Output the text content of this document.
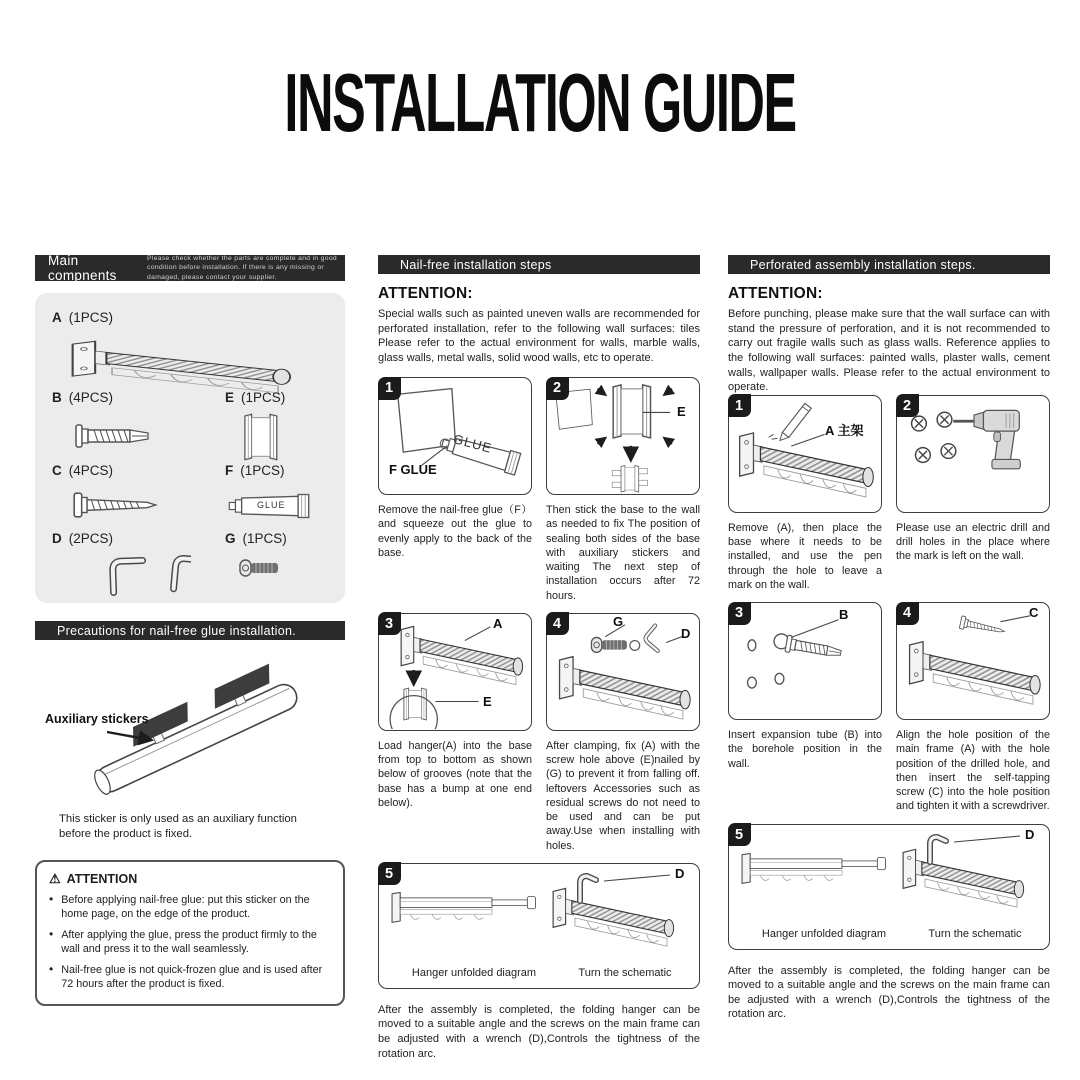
INSTALLATION GUIDE
Main compnents
Please check whether the parts are complete and in good condition before installation. If there is any missing or damaged, please contact your supplier.
A (1PCS)
B (4PCS)	E (1PCS)
C (4PCS)	F (1PCS)
GLUE
D (2PCS)	G (1PCS)
Precautions for nail-free glue installation.
Auxiliary stickers

This sticker is only used as an auxiliary function before the product is fixed.

⚠ ATTENTION
• Before applying nail-free glue: put this sticker on the home page, on the edge of the product.
• After applying the glue, press the product firmly to the wall and press it to the wall seamlessly.
• Nail-free glue is not quick-frozen glue and is used after 72 hours after the product is fixed.
Nail-free installation steps
ATTENTION:

Special walls such as painted uneven walls are recommended for perforated installation, refer to the following wall surfaces: tiles Please refer to the actual environment for walls, marble walls, glass walls, metal walls, solid wood walls, etc to operate.

1
GLUE
F GLUE

Remove the nail-free glue（F）and squeeze out the glue to evenly apply to the back of the base.

2
E

Then stick the base to the wall as needed to fix The position of sealing both sides of the base with auxiliary stickers and waiting The next step of installation occurs after 72 hours.

3	A
E

Load hanger(A) into the base from top to bottom as shown below of grooves (note that the base has a bump at one end below).

4	G
D

After clamping, fix (A) with the screw hole above (E)nailed by (G) to prevent it from falling off. leftovers Accessories such as residual screws do not need to be used and can be put away.Use when installing with holes.

5	D
Hanger unfolded diagram	Turn the schematic

After the assembly is completed, the folding hanger can be moved to a suitable angle and the screws on the main frame can be adjusted with a wrench (D),Controls the tightness of the rotation arc.

Perforated assembly installation steps.
ATTENTION:

Before punching, please make sure that the wall surface can with stand the pressure of perforation, and it is not recommended to carry out fragile walls such as glass walls. Reference applies to the following wall surfaces: painted walls, plaster walls, cement walls, wallpaper walls. Please refer to the actual environment to operate.

1
A 主架

Remove (A), then place the base where it needs to be installed, and use the pen through the hole to leave a mark on the wall.

2

Please use an electric drill and drill holes in the place where the mark is left on the wall.

3	B

Insert expansion tube (B) into the borehole position in the wall.

4	C

Align the hole position of the main frame (A) with the hole position of the drilled hole, and then insert the self-tapping screw (C) into the hole position and tighten it with a screwdriver.

5	D
Hanger unfolded diagram	Turn the schematic

After the assembly is completed, the folding hanger can be moved to a suitable angle and the screws on the main frame can be adjusted with a wrench (D),Controls the tightness of the rotation arc.
